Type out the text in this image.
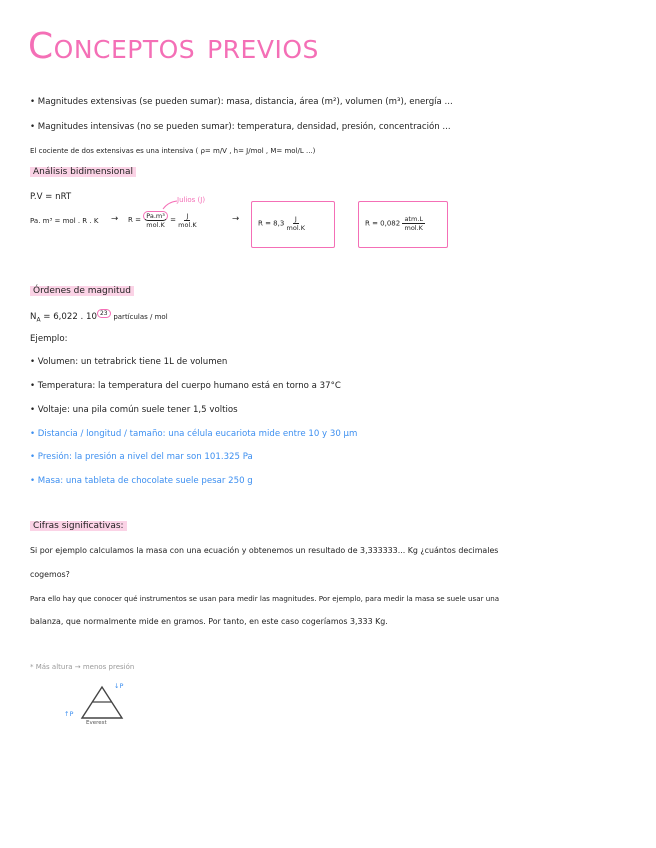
Conceptos previos
• Magnitudes extensivas (se pueden sumar): masa, distancia, área (m²), volumen (m³), energía ...
• Magnitudes intensivas (no se pueden sumar): temperatura, densidad, presión, concentración ...
El cociente de dos extensivas es una intensiva ( ρ= m/V , h= J/mol , M= mol/L ...)
Análisis bidimensional
P.V = nRT
Pa. m³ = mol . R . $K \to R = \frac{\text{Pa.m³}}{\text{mol.K}} = \frac{J}{\text{mol.K}}$
Julios (J)
→	$R = 8,3 \frac{J}{\text{mol.K}}$	$R = 0,082 \frac{\text{atm.L}}{\text{mol.K}}$
Órdenes de magnitud
$N_A = 6,022$ . 10 $^{23}$ partículas / mol
Ejemplo:
• Volumen: un tetrabrick tiene 1L de volumen
• Temperatura: la temperatura del cuerpo humano está en torno a 37°C
• Voltaje: una pila común suele tener 1,5 voltios
• Distancia / longitud / tamaño: una célula eucariota mide entre 10 y 30 µm
• Presión: la presión a nivel del mar son 101.325 Pa
• Masa: una tableta de chocolate suele pesar 250 g
Cifras significativas:
Si por ejemplo calculamos la masa con una ecuación y obtenemos un resultado de 3,333333... Kg ¿cuántos decimales
cogemos?
Para ello hay que conocer qué instrumentos se usan para medir las magnitudes. Por ejemplo, para medir la masa se suele usar una
balanza, que normalmente mide en gramos. Por tanto, en este caso cogeríamos 3,333 Kg.
* Más altura → menos presión
↓P
↑P
Everest
